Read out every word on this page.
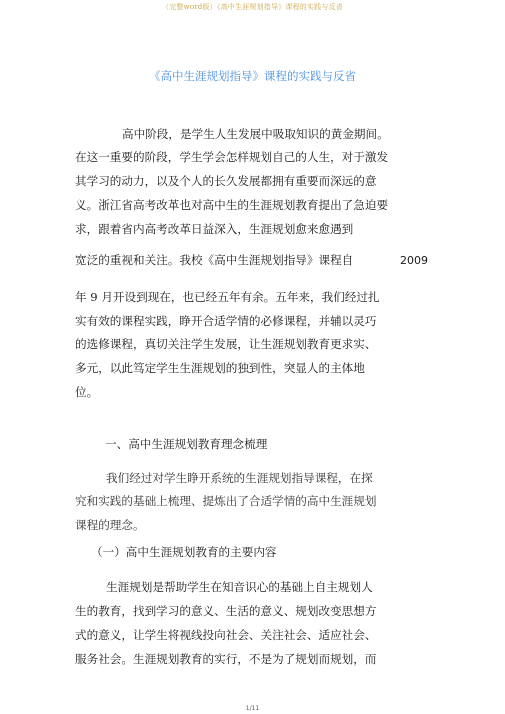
（完整word版）《高中生涯规划指导》课程的实践与反省
《高中生涯规划指导》课程的实践与反省
高中阶段，是学生人生发展中吸取知识的黄金期间。
在这一重要的阶段，学生学会怎样规划自己的人生，对于激发
其学习的动力，以及个人的长久发展都拥有重要而深远的意
义。浙江省高考改革也对高中生的生涯规划教育提出了急迫要
求，跟着省内高考改革日益深入，生涯规划愈来愈遇到
宽泛的重视和关注。我校《高中生涯规划指导》课程自	2009
年 9 月开设到现在，也已经五年有余。五年来，我们经过扎
实有效的课程实践，睁开合适学情的必修课程，并辅以灵巧
的选修课程，真切关注学生发展，让生涯规划教育更求实、
多元，以此笃定学生生涯规划的独到性，突显人的主体地
位。
一、高中生涯规划教育理念梳理
我们经过对学生睁开系统的生涯规划指导课程，在探
究和实践的基础上梳理、提炼出了合适学情的高中生涯规划
课程的理念。
（一）高中生涯规划教育的主要内容
生涯规划是帮助学生在知音识心的基础上自主规划人
生的教育，找到学习的意义、生活的意义、规划改变思想方
式的意义，让学生将视线投向社会、关注社会、适应社会、
服务社会。生涯规划教育的实行，不是为了规划而规划，而
1/11
